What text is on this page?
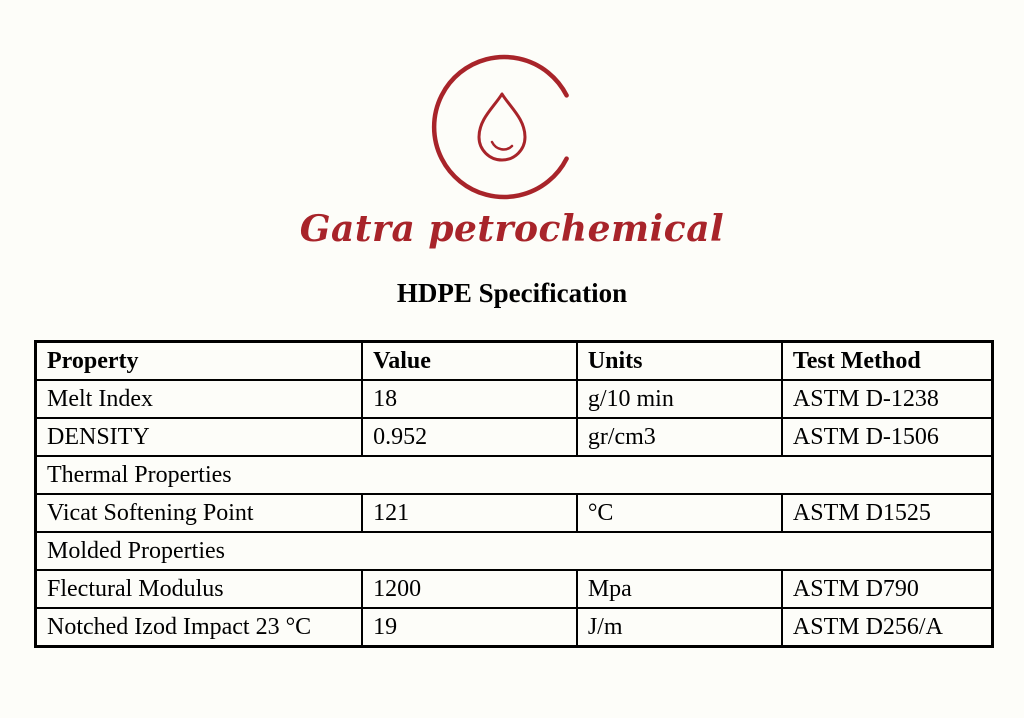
Gatra petrochemical
HDPE Specification
Property	Value	Units	Test Method
Melt Index	18	g/10 min	ASTM D-1238
DENSITY	0.952	gr/cm3	ASTM D-1506
Thermal Properties			
Vicat Softening Point	121	°C	ASTM D1525
Molded Properties			
Flectural Modulus	1200	Mpa	ASTM D790
Notched Izod Impact 23 °C	19	J/m	ASTM D256/A
